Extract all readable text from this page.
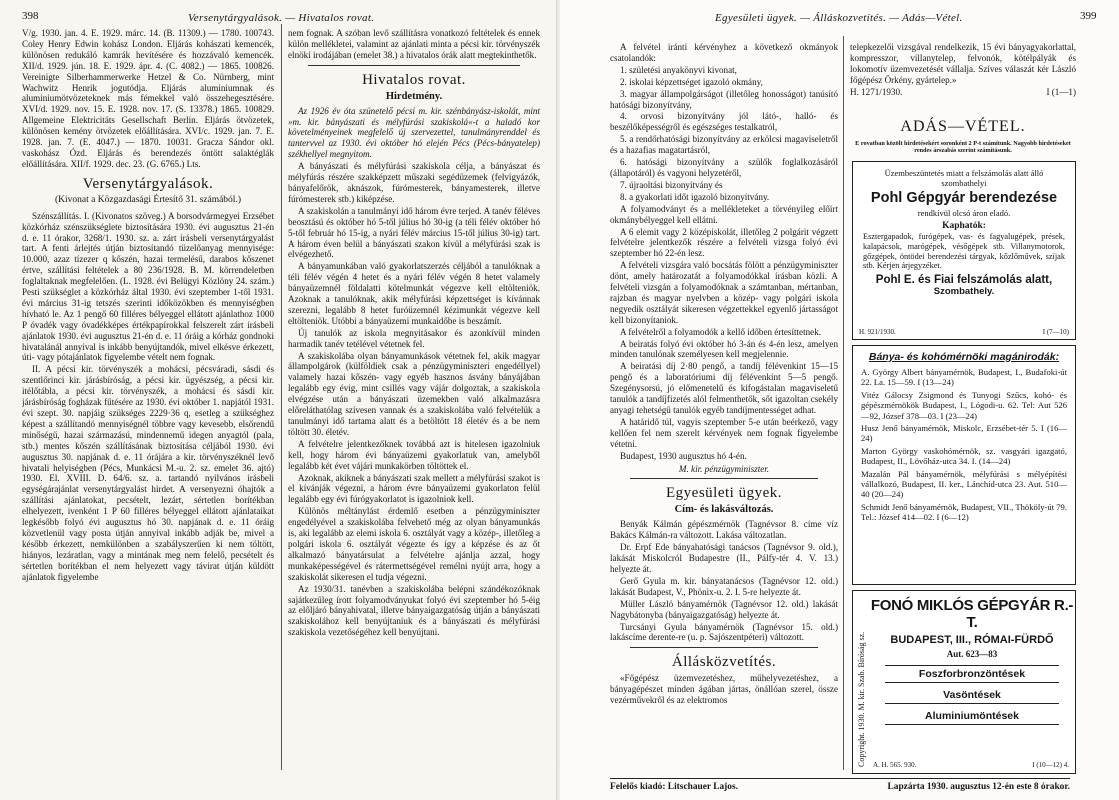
398	Versenytárgyalások. — Hivatalos rovat.

V/g. 1930. jan. 4. E. 1929. márc. 14. (B. 11309.) — 1780. 100743. Coley Henry Edwin kohász London. Eljárás kohászati kemencék, különösen redukáló kamrák hevítésére és hozzávaló kemencék. XII/d. 1929. jún. 18. E. 1929. ápr. 4. (C. 4082.) — 1865. 100826. Vereinigte Silberhammerwerke Hetzel & Co. Nürnberg, mint Wachwitz Henrik jogutódja. Eljárás aluminiumnak és aluminiumötvözeteknek más fémekkel való összehegesztésére. XVI/d. 1929. nov. 15. E. 1928. nov. 17. (S. 13378.) 1865. 100829. Allgemeine Elektricitäts Gesellschaft Berlin. Eljárás ötvözetek, különösen kemény ötvözetek előállítására. XVI/c. 1929. jan. 7. E. 1928. jan. 7. (E. 4047.) — 1870. 10031. Gracza Sándor okl. vaskohász Ózd. Eljárás és berendezés öntött salaktéglák előállítására. XII/f. 1929. dec. 23. (G. 6765.) Lts.

Versenytárgyalások.
(Kivonat a Közgazdasági Értesítő 31. számából.)

Szénszállítás. I. (Kivonatos szöveg.) A borsodvármegyei Erzsébet közkórház szénszükséglete biztosítására 1930. évi augusztus 21-én d. e. 11 órakor, 3268/1. 1930. sz. a. zárt írásbeli versenytárgyalást tart. A fenti árlejtés útján biztosítandó tüzelőanyag mennyisége: 10.000, azaz tízezer q kőszén, hazai termelésű, darabos kőszenet értve, szállítási feltételek a 80 236/1928. B. M. körrendeletben foglaltaknak megfelelően. (L. 1928. évi Belügyi Közlöny 24. szám.) Pesti szükséglet a közkórház által 1930. évi szeptember 1-től 1931. évi március 31-ig tetszés szerinti időközökben és mennyiségben hívható le. Az 1 pengő 60 filléres bélyeggel ellátott ajánlathoz 1000 P óvadék vagy óvadékképes értékpapírokkal felszerelt zárt írásbeli ajánlatok 1930. évi augusztus 21-én d. e. 11 óráig a kórház gondnoki hivatalánál annyival is inkább benyújtandók, mivel elkésve érkezett, úti- vagy pótajánlatok figyelembe vételt nem fognak.

II. A pécsi kir. törvényszék a mohácsi, pécsváradi, sásdi és szentlőrinci kir. járásbíróság, a pécsi kir. ügyészség, a pécsi kir. itélőtábla, a pécsi kir. törvényszék, a mohácsi és sásdi kir. járásbíróság fogházak fűtésére az 1930. évi október 1. napjától 1931. évi szept. 30. napjáig szükséges 2229·36 q, esetleg a szükséghez képest a szállítandó mennyiségnél többre vagy kevesebb, elsőrendű minőségű, hazai származású, mindennemű idegen anyagtól (pala, stb.) mentes kőszén szállításának biztosítása céljából 1930. évi augusztus 30. napjának d. e. 11 órájára a kir. törvényszéknél levő hivatali helyiségben (Pécs, Munkácsi M.-u. 2. sz. emelet 36. ajtó) 1930. El. XVIII. D. 64/6. sz. a. tartandó nyilvános írásbeli egységárajánlat versenytárgyalást hirdet. A versenyezni óhajtók a szállítási ajánlatokat, pecsételt, lezárt, sértetlen borítékban elhelyezett, ivenként 1 P 60 filléres bélyeggel ellátott ajánlataikat legkésőbb folyó évi augusztus hó 30. napjának d. e. 11 óráig közvetlenül vagy posta útján annyival inkább adják be, mivel a később érkezett, nemkülönben a szabályszerűen ki nem töltött, hiányos, lezáratlan, vagy a mintának meg nem felelő, pecsételt és sértetlen borítékban el nem helyezett vagy távirat útján küldött ajánlatok figyelembe

nem fognak. A szóban levő szállításra vonatkozó feltételek és ennek külön mellékletei, valamint az ajánlati minta a pécsi kir. törvényszék elnöki irodájában (emelet 38.) a hivatalos órák alatt megtekinthetők.

Hivatalos rovat.
Hirdetmény.

Az 1926 év óta szünetelő pécsi m. kir. szénbányász-iskolát, mint »m. kir. bányászati és mélyfúrási szakiskolá«-t a haladó kor követelményeinek megfelelő új szervezettel, tanulmányrenddel és tantervvel az 1930. évi október hó elején Pécs (Pécs-bányatelep) székhellyel megnyitom.

A bányászati és mélyfúrási szakiskola célja, a bányászat és mélyfúrás részére szakképzett műszaki segédüzemek (felvigyázók, bányafelőrök, aknászok, fúrómesterek, bányamesterek, illetve fúrómesterek stb.) kiképzése.

A szakiskolán a tanulmányi idő három évre terjed. A tanév féléves beosztású és október hó 5-től július hó 30-ig (a téli félév október hó 5-től február hó 15-ig, a nyári félév március 15-től július 30-ig) tart. A három éven belül a bányászati szakon kívül a mélyfúrási szak is elvégezhető.

A bányamunkában való gyakorlatszerzés céljából a tanulóknak a téli félév végén 4 hetet és a nyári félév végén 8 hetet valamely bányaüzemnél földalatti kötelmunkát végezve kell eltölteniök. Azoknak a tanulóknak, akik mélyfúrási képzettséget is kívánnak szerezni, legalább 8 hetet furóüzemnél kézimunkát végezve kell eltölteniök. Utóbbi a bányaüzemi munkaidőbe is beszámít.

Új tanulók az iskola megnyitásakor és azonkívül minden harmadik tanév tetélével vétetnek fel.

A szakiskolába olyan bányamunkások vétetnek fel, akik magyar állampolgárok (külföldiek csak a pénzügyminiszteri engedéllyel) valamely hazai kőszén- vagy egyéb hasznos ásvány bányájában legalább egy évig, mint csillés vagy vájár dolgoztak, a szakiskola elvégzése után a bányászati üzemekben való alkalmazásra előreláthatólag szívesen vannak és a szakiskolába való felvételük a tanulmányi idő tartama alatt és a betöltött 18 életév és a be nem töltött 30. életév.

A felvételre jelentkezőknek továbbá azt is hitelesen igazolniuk kell, hogy három évi bányaüzemi gyakorlatuk van, amelyből legalább két évet vájári munkakörben töltöttek el.

Azoknak, akiknek a bányászati szak mellett a mélyfúrási szakot is el kívánják végezni, a három évre bányaüzemi gyakorlaton felül legalább egy évi fúrógyakorlatot is igazolniok kell.

Különös méltánylást érdemlő esetben a pénzügyminiszter engedélyével a szakiskolába felvehető még az olyan bányamunkás is, aki legalább az elemi iskola 6. osztályát vagy a közép-, illetőleg a polgári iskola 6. osztályát végezte és így a képzése és az őt alkalmazó bányatársulat a felvételre ajánlja azzal, hogy munkaképességével és rátermettségével remélni nyújt arra, hogy a szakiskolát sikeresen el tudja végezni.

Az 1930/31. tanévben a szakiskolába belépni szándékozóknak sajátkezűleg írott folyamodványukat folyó évi szeptember hó 5-éig az előljáró bányahivatal, illetve bányaigazgatóság útján a bányászati szakiskolához kell benyújtaniuk és a bányászati és mélyfúrási szakiskola vezetőségéhez kell benyújtani.

Egyesületi ügyek. — Álláskozvetítés. — Adás—Vétel.	399

A felvétel iránti kérvényhez a következő okmányok csatolandók:

1. születési anyakönyvi kivonat,

2. iskolai képzettséget igazoló okmány,

3. magyar állampolgárságot (illetőleg honosságot) tanúsító hatósági bizonyítvány,

4. orvosi bizonyítvány jól látó-, halló- és beszélőképességről és egészséges testalkatról,

5. a rendőrhatósági bizonyítvány az erkölcsi magaviseletről és a hazafias magatartásról,

6. hatósági bizonyítvány a szülők foglalkozásáról (állapotáról) és vagyoni helyzetéről,

7. újraoltási bizonyítvány és

8. a gyakorlati időt igazoló bizonyítvány.

A folyamodványt és a mellékleteket a törvényileg előírt okmánybélyeggel kell ellátni.

A 6 elemit vagy 2 középiskolát, illetőleg 2 polgárit végzett felvételre jelentkezők részére a felvételi vizsga folyó évi szeptember hó 22-én lesz.

A felvételi vizsgára való bocsátás fölött a pénzügyminiszter dönt, amely határozatát a folyamodókkal írásban közli. A felvételi vizsgán a folyamodóknak a számtanban, mértanban, rajzban és magyar nyelvben a közép- vagy polgári iskola negyedik osztályát sikeresen végzettekkel egyenlő jártasságot kell bizonyítaniok.

A felvételről a folyamodók a kellő időben értesíttetnek.

A beiratás folyó évi október hó 3-án és 4-én lesz, amelyen minden tanulónak személyesen kell megjelennie.

A beiratási díj 2·80 pengő, a tandíj félévenkint 15—15 pengő és a laboratóriumi díj félévenkint 5—5 pengő. Szegénysorsú, jó előmenetelű és kifogástalan magaviseletű tanulók a tandíjfizetés alól felmenthetők, sőt igazoltan csekély anyagi tehetségű tanulók egyéb tandíjmentességet adhat.

A határidő túl, vagyis szeptember 5-e után beérkező, vagy kellően fel nem szerelt kérvények nem fognak figyelembe vétetni.

Budapest, 1930 augusztus hó 4-én.

M. kir. pénzügyminiszter.
Egyesületi ügyek.
Cím- és lakásváltozás.

Benyák Kálmán gépészmérnök (Tagnévsor 8. címe víz Bakács Kálmán-ra változott. Lakása változatlan.

Dr. Erpf Ede bányahatósági tanácsos (Tagnévsor 9. old.), lakását Miskolcról Budapestre (II., Pálfy-tér 4. V. 13.) helyezte át.

Gerő Gyula m. kir. bányatanácsos (Tagnévsor 12. old.) lakását Budapest, V., Phönix-u. 2. I. 5-re helyezte át.

Müller László bányamérnök (Tagnévsor 12. old.) lakását Nagybátonyba (bányaigazgatóság) helyezte át.

Turcsányi Gyula bányamérnök (Tagnévsor 15. old.) lakáscíme derente-re (u. p. Sajószentpéteri) változott.

Állásközvetítés.

«Főgépész üzemvezetéshez, műhelyvezetéshez, a bányagépészet minden ágában jártas, önállóan szerel, össze vezérművekről és az elektromos

telepkezelői vizsgával rendelkezik, 15 évi bányagyakorlattal, kompresszor, villanytelep, felvonók, kötélpályák és lokomotív üzemvezetését vállalja. Szíves válaszát kér László főgépész Örkény, gyártelep.»

H. 1271/1930.	I (1—1)

ADÁS—VÉTEL.
E rovatban közölt hirdetésekért soronként 2 P-t számítunk. Nagyobb hirdetéseket rendes árszabás szerint számításunk.
Üzembeszüntetés miatt a felszámolás alatt álló szombathelyi
Pohl Gépgyár berendezése
rendkívül olcsó áron eladó.
Kaphatók:
Esztergapadok, furógépek, vas- és fagyalugépek, prések, kalapácsok, marógépek, vésőgépek stb. Villanymotorok, gőzgépek, öntödei berendezési tárgyak, kőzlőművek, szíjak stb. Kérjen árjegyzéket.
Pohl E. és Fiai felszámolás alatt,
Szombathely.
H. 921/1930.	I (7—10)
Bánya- és kohómérnöki magánirodák:

A. György Albert bányamérnök, Budapest, I., Budafoki-út 22. La. 15—59. I (13—24)

Vitéz Gálocsy Zsigmond és Tunyogi Szűcs, kohó- és gépészmérnökök Budapest, I., Lógodi-u. 62. Tel: Aut 526—92, József 378—03. I (23—24)

Husz Jenő bányamérnök, Miskolc, Erzsébet-tér 5. I (16—24)

Marton György vaskohómérnök, sz. vasgyári igazgató, Budapest, II., Lövőház-utca 34. I. (14—24)

Mazalán Pál bányamérnök, mélyfúrási s mélyépítési vállalkozó, Budapest, II. ker., Lánchíd-utca 23. Aut. 510—40 (20—24)

Schmidt Jenő bányamérnök, Budapest, VII., Thököly-út 79. Tel.: József 414—02. I (6—12)

Copyright. 1930. M. kir. Szab. Bíróság sz.
FONÓ MIKLÓS GÉPGYÁR R.-T.
BUDAPEST, III., RÓMAI-FÜRDŐ
Aut. 623—83
Foszforbronzöntések
Vasöntések
Aluminiumöntések
A. H. 565. 930.	I (10—12) 4.
Felelős kiadó: Litschauer Lajos.	Lapzárta 1930. augusztus 12-én este 8 órakor.
